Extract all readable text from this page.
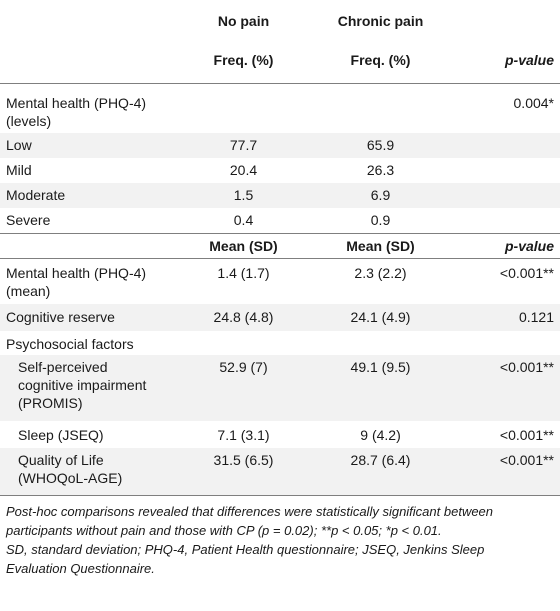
	No pain	Chronic pain	
	Freq. (%)	Freq. (%)	p-value

Mental health (PHQ-4)
(levels)			0.004*
Low	77.7	65.9	
Mild	20.4	26.3	
Moderate	1.5	6.9	
Severe	0.4	0.9	
	Mean (SD)	Mean (SD)	p-value

Mental health (PHQ-4)
(mean)	1.4 (1.7)	2.3 (2.2)	<0.001**
Cognitive reserve	24.8 (4.8)	24.1 (4.9)	0.121
Psychosocial factors			

Self-perceived
cognitive impairment
(PROMIS)	52.9 (7)	49.1 (9.5)	<0.001**
Sleep (JSEQ)	7.1 (3.1)	9 (4.2)	<0.001**

Quality of Life
(WHOQoL-AGE)	31.5 (6.5)	28.7 (6.4)	<0.001**
Post-hoc comparisons revealed that differences were statistically significant between
participants without pain and those with CP (p = 0.02); **p < 0.05; *p < 0.01.
SD, standard deviation; PHQ-4, Patient Health questionnaire; JSEQ, Jenkins Sleep
Evaluation Questionnaire.
